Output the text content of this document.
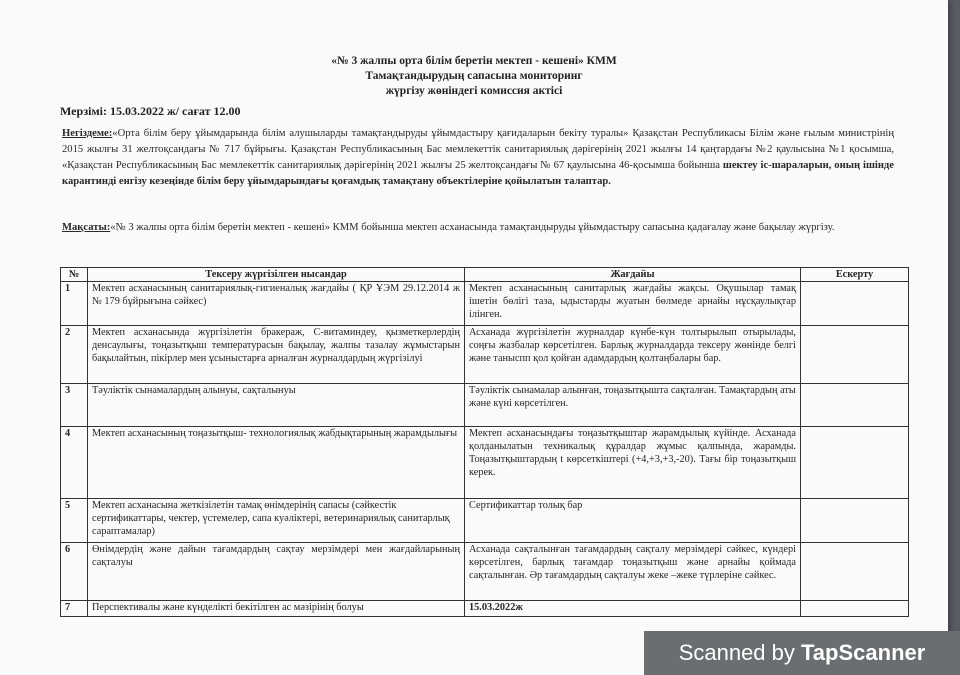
«№ 3 жалпы орта білім беретін мектеп - кешені» КММ
Тамақтандырудың сапасына мониторинг
жүргізу жөніндегі комиссия актісі
Мерзімі: 15.03.2022 ж/ сағат 12.00
Негіздеме:«Орта білім беру ұйымдарында білім алушыларды тамақтандыруды ұйымдастыру қағидаларын бекіту туралы» Қазақстан Республикасы Білім және ғылым министрінің 2015 жылғы 31 желтоқсандағы № 717 бұйрығы. Қазақстан Республикасының Бас мемлекеттік санитариялық дәрігерінің 2021 жылғы 14 қаңтардағы №2 қаулысына №1 қосымша, «Қазақстан Республикасының Бас мемлекеттік санитариялық дәрігерінің 2021 жылғы 25 желтоқсандағы № 67 қаулысына 46-қосымша бойынша шектеу іс-шараларын, оның ішінде карантинді енгізу кезеңінде білім беру ұйымдарындағы қоғамдық тамақтану объектілеріне қойылатын талаптар.
Мақсаты:«№ 3 жалпы орта білім беретін мектеп - кешені» КММ бойынша мектеп асханасында тамақтандыруды ұйымдастыру сапасына қадағалау және бақылау жүргізу.
№	Тексеру жүргізілген нысандар	Жағдайы	Ескерту
1	Мектеп асханасының санитариялық-гигиеналық жағдайы ( ҚР ҰЭМ 29.12.2014 ж № 179 бұйрығына сәйкес)	Мектеп асханасының санитарлық жағдайы жақсы. Оқушылар тамақ ішетін бөлігі таза, ыдыстарды жуатын бөлмеде арнайы нұсқаулықтар ілінген.	
2	Мектеп асханасында жүргізілетін бракераж, С-витаминдеу, қызметкерлердің денсаулығы, тоңазытқыш температурасын бақылау, жалпы тазалау жұмыстарын бақылайтын, пікірлер мен ұсыныстарға арналған журналдардың жүргізілуі	Асханада жүргізілетін журналдар күнбе-күн толтырылып отырылады, соңғы жазбалар көрсетілген. Барлық журналдарда тексеру жөнінде белгі және таныспп қол қойған адамдардың қолтаңбалары бар.	
3	Тәуліктік сынамалардың алынуы, сақталынуы	Тәуліктік сынамалар алынған, тоңазытқышта сақталған. Тамақтардың аты және күні көрсетілген.	
4	Мектеп асханасының тоңазытқыш- технологиялық жабдықтарының жарамдылығы	Мектеп асханасындағы тоңазытқыштар жарамдылық күйінде. Асханада қолданылатын техникалық құралдар жұмыс қалпында, жарамды. Тоңазытқыштардың t көрсеткіштері (+4,+3,+3,-20). Тағы бір тоңазытқыш керек.	
5	Мектеп асханасына жеткізілетін тамақ өнімдерінің сапасы (сәйкестік сертификаттары, чектер, үстемелер, сапа куәліктері, ветеринариялық санитарлық сараптамалар)	Сертификаттар толық бар	
6	Өнімдердің және дайын тағамдардың сақтау мерзімдері мен жағдайларының сақталуы	Асханада сақталынған тағамдардың сақталу мерзімдері сәйкес, күндері көрсетілген, барлық тағамдар тоңазытқыш және арнайы қоймада сақталынған. Әр тағамдардың сақталуы жеке –жеке түрлеріне сәйкес.	
7	Перспективалы және күнделікті бекітілген ас мәзірінің болуы	15.03.2022ж	
Scanned by TapScanner
